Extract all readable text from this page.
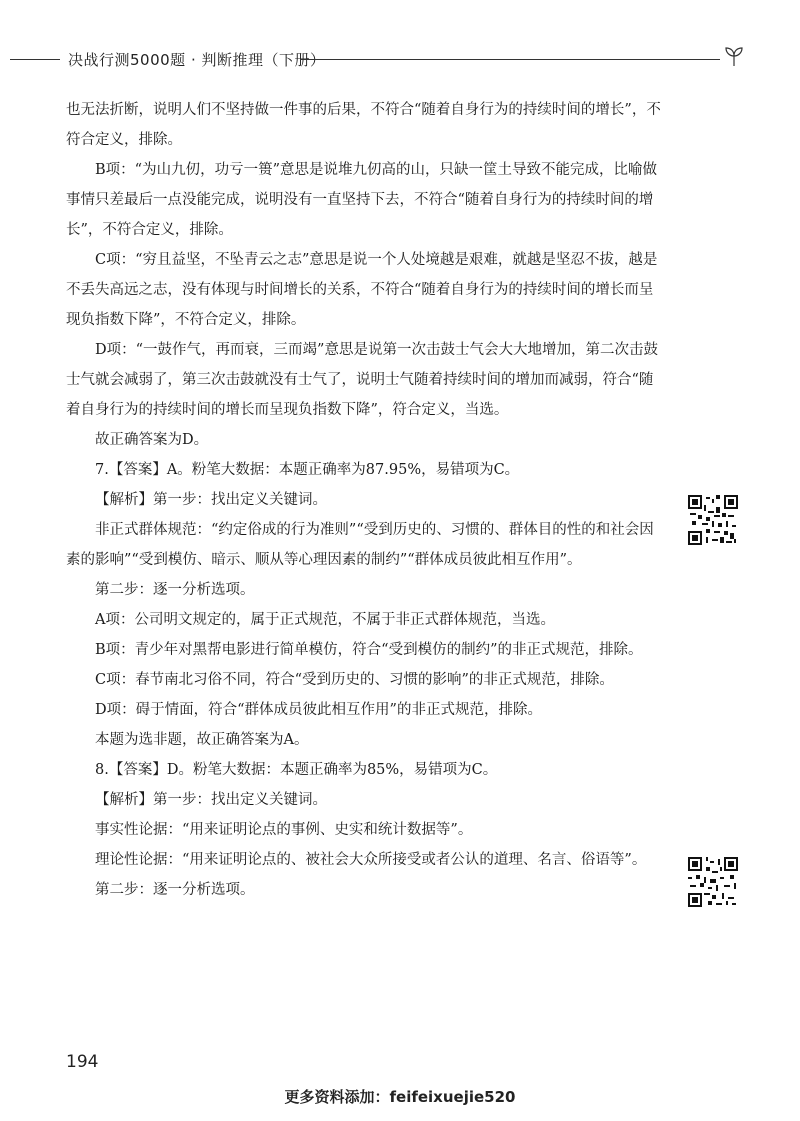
决战行测5000题 · 判断推理（下册）

也无法折断，说明人们不坚持做一件事的后果，不符合“随着自身行为的持续时间的增长”，不符合定义，排除。

B项：“为山九仞，功亏一篑”意思是说堆九仞高的山，只缺一筐土导致不能完成，比喻做事情只差最后一点没能完成，说明没有一直坚持下去，不符合“随着自身行为的持续时间的增长”，不符合定义，排除。

C项：“穷且益坚，不坠青云之志”意思是说一个人处境越是艰难，就越是坚忍不拔，越是不丢失高远之志，没有体现与时间增长的关系，不符合“随着自身行为的持续时间的增长而呈现负指数下降”，不符合定义，排除。

D项：“一鼓作气，再而衰，三而竭”意思是说第一次击鼓士气会大大地增加，第二次击鼓士气就会减弱了，第三次击鼓就没有士气了，说明士气随着持续时间的增加而减弱，符合“随着自身行为的持续时间的增长而呈现负指数下降”，符合定义，当选。

故正确答案为D。

7.【答案】A。粉笔大数据：本题正确率为87.95%，易错项为C。

【解析】第一步：找出定义关键词。

非正式群体规范：“约定俗成的行为准则”“受到历史的、习惯的、群体目的性的和社会因素的影响”“受到模仿、暗示、顺从等心理因素的制约”“群体成员彼此相互作用”。

第二步：逐一分析选项。

A项：公司明文规定的，属于正式规范，不属于非正式群体规范，当选。

B项：青少年对黑帮电影进行简单模仿，符合“受到模仿的制约”的非正式规范，排除。

C项：春节南北习俗不同，符合“受到历史的、习惯的影响”的非正式规范，排除。

D项：碍于情面，符合“群体成员彼此相互作用”的非正式规范，排除。

本题为选非题，故正确答案为A。

8.【答案】D。粉笔大数据：本题正确率为85%，易错项为C。

【解析】第一步：找出定义关键词。

事实性论据：“用来证明论点的事例、史实和统计数据等”。

理论性论据：“用来证明论点的、被社会大众所接受或者公认的道理、名言、俗语等”。

第二步：逐一分析选项。

194
更多资料添加：feifeixuejie520
